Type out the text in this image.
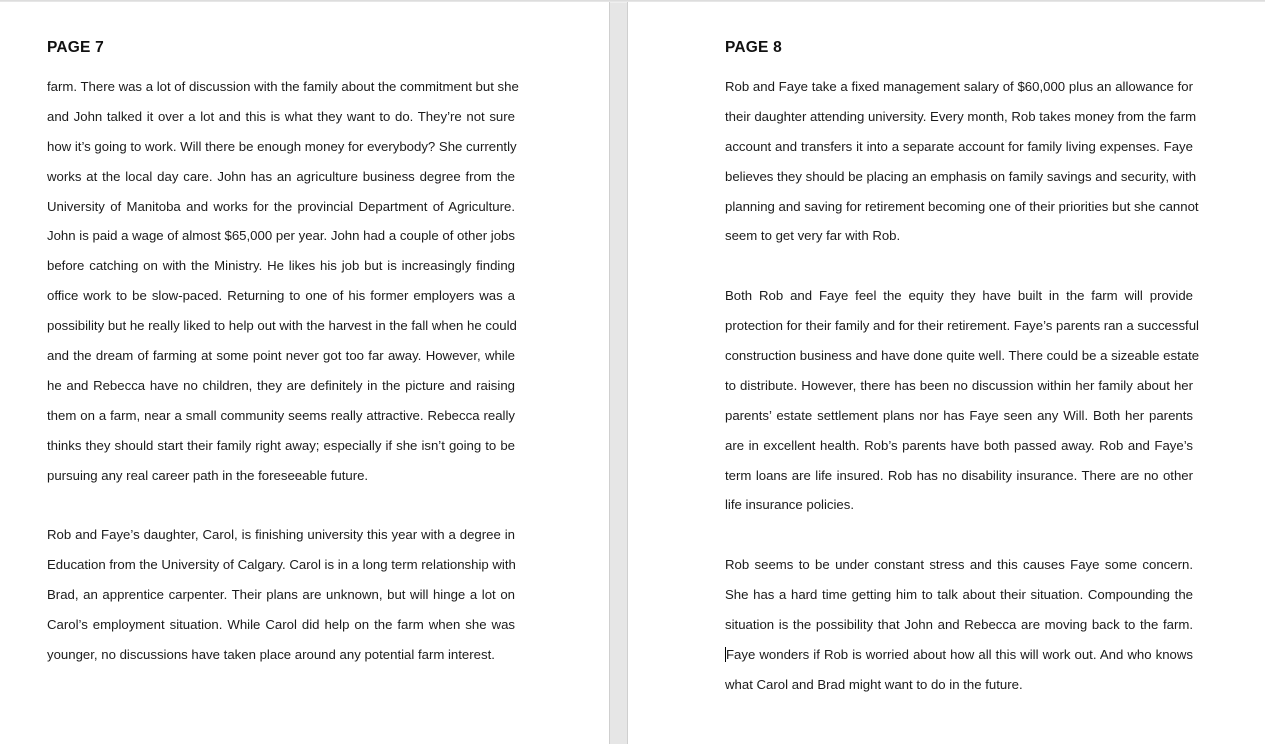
PAGE 7

farm. There was a lot of discussion with the family about the commitment but she
and John talked it over a lot and this is what they want to do. They’re not sure
how it’s going to work. Will there be enough money for everybody? She currently
works at the local day care. John has an agriculture business degree from the
University of Manitoba and works for the provincial Department of Agriculture.
John is paid a wage of almost $65,000 per year. John had a couple of other jobs
before catching on with the Ministry. He likes his job but is increasingly finding
office work to be slow-paced. Returning to one of his former employers was a
possibility but he really liked to help out with the harvest in the fall when he could
and the dream of farming at some point never got too far away. However, while
he and Rebecca have no children, they are definitely in the picture and raising
them on a farm, near a small community seems really attractive. Rebecca really
thinks they should start their family right away; especially if she isn’t going to be
pursuing any real career path in the foreseeable future.

Rob and Faye’s daughter, Carol, is finishing university this year with a degree in
Education from the University of Calgary. Carol is in a long term relationship with
Brad, an apprentice carpenter. Their plans are unknown, but will hinge a lot on
Carol’s employment situation. While Carol did help on the farm when she was
younger, no discussions have taken place around any potential farm interest.

PAGE 8

Rob and Faye take a fixed management salary of $60,000 plus an allowance for
their daughter attending university. Every month, Rob takes money from the farm
account and transfers it into a separate account for family living expenses. Faye
believes they should be placing an emphasis on family savings and security, with
planning and saving for retirement becoming one of their priorities but she cannot
seem to get very far with Rob.

Both Rob and Faye feel the equity they have built in the farm will provide
protection for their family and for their retirement. Faye’s parents ran a successful
construction business and have done quite well. There could be a sizeable estate
to distribute. However, there has been no discussion within her family about her
parents’ estate settlement plans nor has Faye seen any Will. Both her parents
are in excellent health. Rob’s parents have both passed away. Rob and Faye’s
term loans are life insured. Rob has no disability insurance. There are no other
life insurance policies.

Rob seems to be under constant stress and this causes Faye some concern.
She has a hard time getting him to talk about their situation. Compounding the
situation is the possibility that John and Rebecca are moving back to the farm.
Faye wonders if Rob is worried about how all this will work out. And who knows
what Carol and Brad might want to do in the future.
